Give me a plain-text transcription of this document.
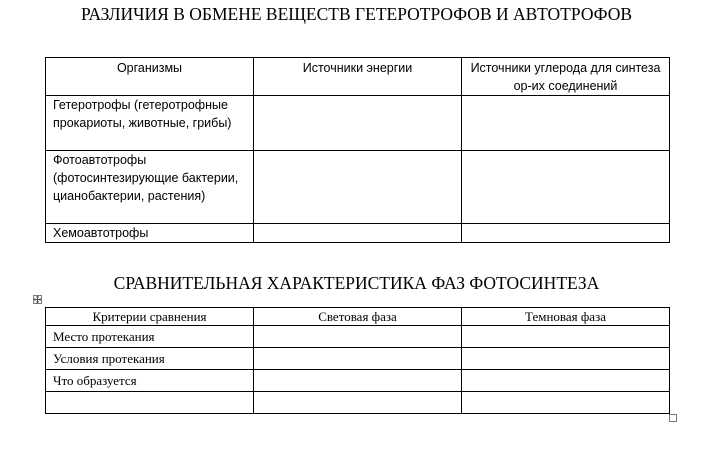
РАЗЛИЧИЯ В ОБМЕНЕ ВЕЩЕСТВ ГЕТЕРОТРОФОВ И АВТОТРОФОВ
Организмы	Источники энергии	Источники углерода для синтеза ор-их соединений
Гетеротрофы (гетеротрофные прокариоты, животные, грибы)		
Фотоавтотрофы (фотосинтезирующие бактерии, цианобактерии, растения)		
Хемоавтотрофы		
СРАВНИТЕЛЬНАЯ ХАРАКТЕРИСТИКА ФАЗ ФОТОСИНТЕЗА
Критерии сравнения	Световая фаза	Темновая фаза
Место протекания		
Условия протекания		
Что образуется		
